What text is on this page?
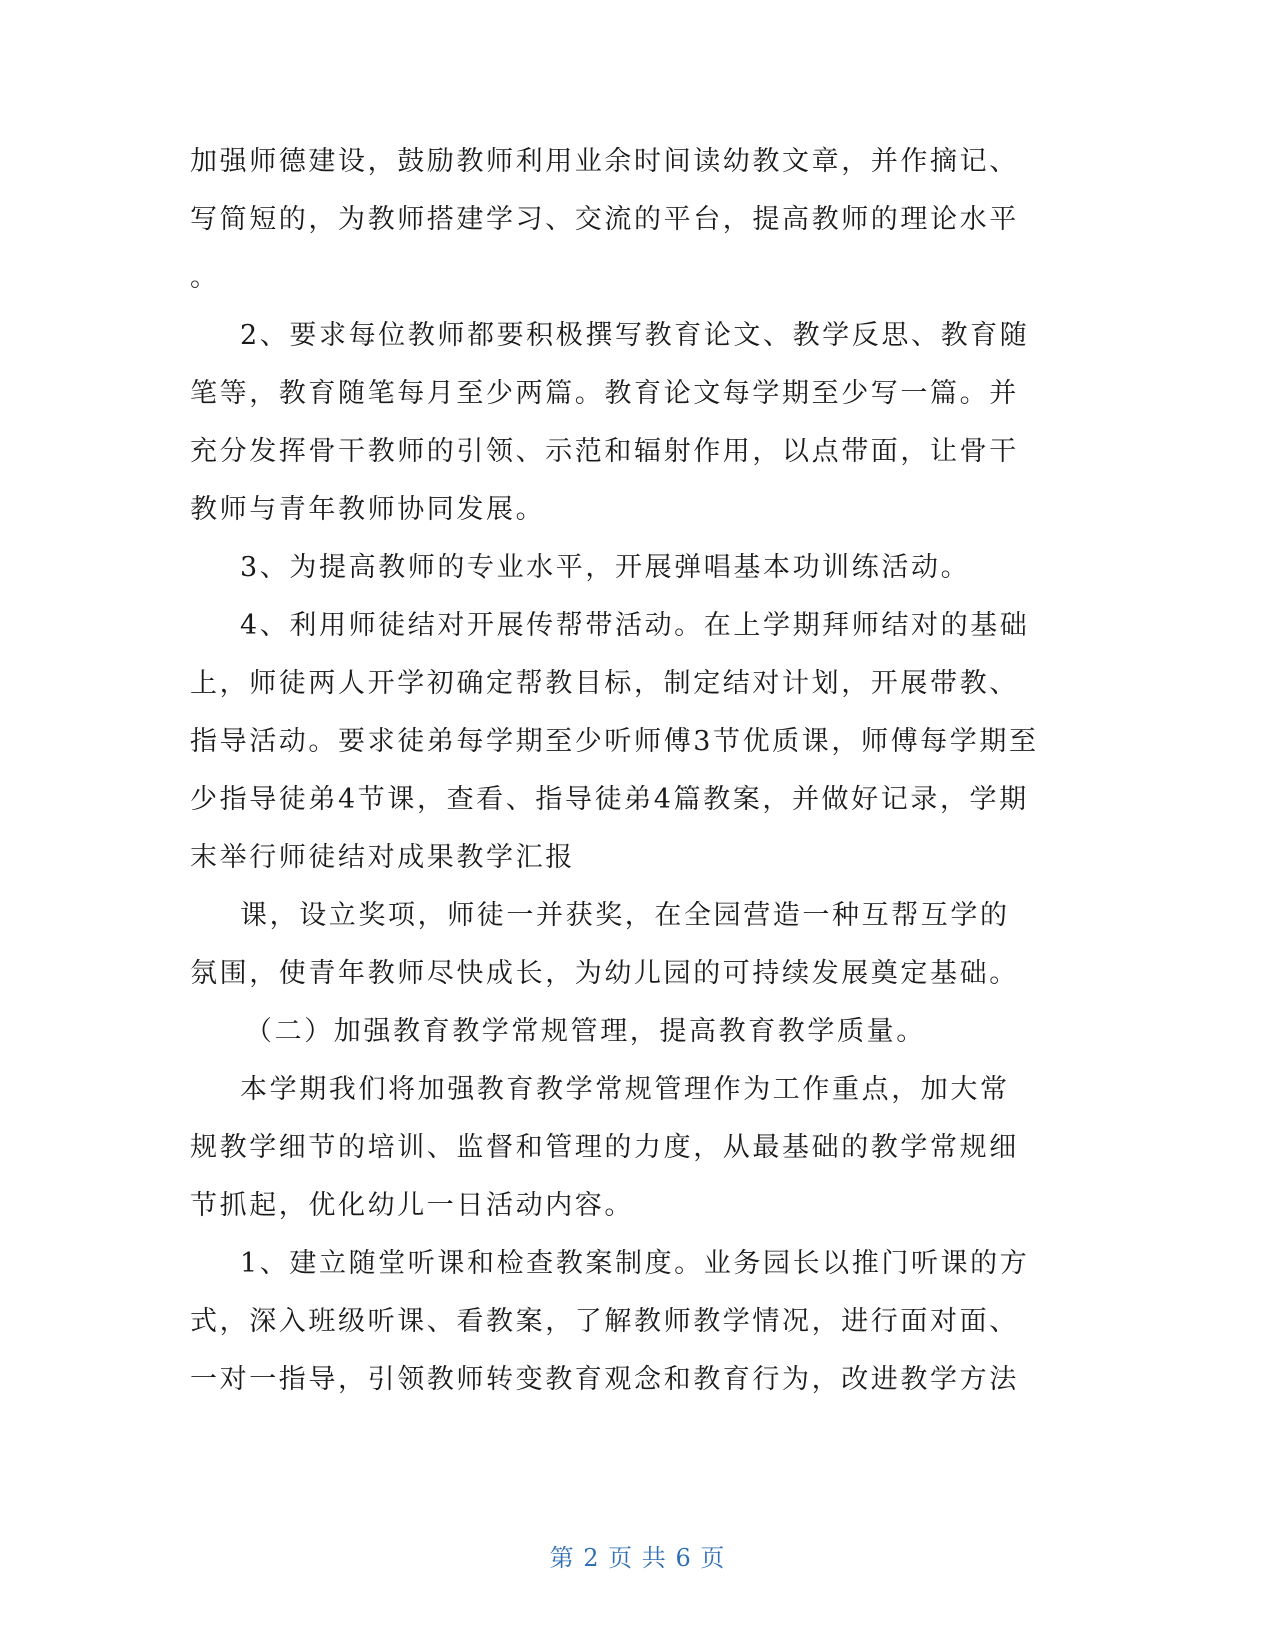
加强师德建设，鼓励教师利用业余时间读幼教文章，并作摘记、
写简短的，为教师搭建学习、交流的平台，提高教师的理论水平
。
2、要求每位教师都要积极撰写教育论文、教学反思、教育随
笔等，教育随笔每月至少两篇。教育论文每学期至少写一篇。并
充分发挥骨干教师的引领、示范和辐射作用，以点带面，让骨干
教师与青年教师协同发展。
3、为提高教师的专业水平，开展弹唱基本功训练活动。
4、利用师徒结对开展传帮带活动。在上学期拜师结对的基础
上，师徒两人开学初确定帮教目标，制定结对计划，开展带教、
指导活动。要求徒弟每学期至少听师傅3节优质课，师傅每学期至
少指导徒弟4节课，查看、指导徒弟4篇教案，并做好记录，学期
末举行师徒结对成果教学汇报
课，设立奖项，师徒一并获奖，在全园营造一种互帮互学的
氛围，使青年教师尽快成长，为幼儿园的可持续发展奠定基础。
（二）加强教育教学常规管理，提高教育教学质量。
本学期我们将加强教育教学常规管理作为工作重点，加大常
规教学细节的培训、监督和管理的力度，从最基础的教学常规细
节抓起，优化幼儿一日活动内容。
1、建立随堂听课和检查教案制度。业务园长以推门听课的方
式，深入班级听课、看教案，了解教师教学情况，进行面对面、
一对一指导，引领教师转变教育观念和教育行为，改进教学方法
第 2 页 共 6 页
